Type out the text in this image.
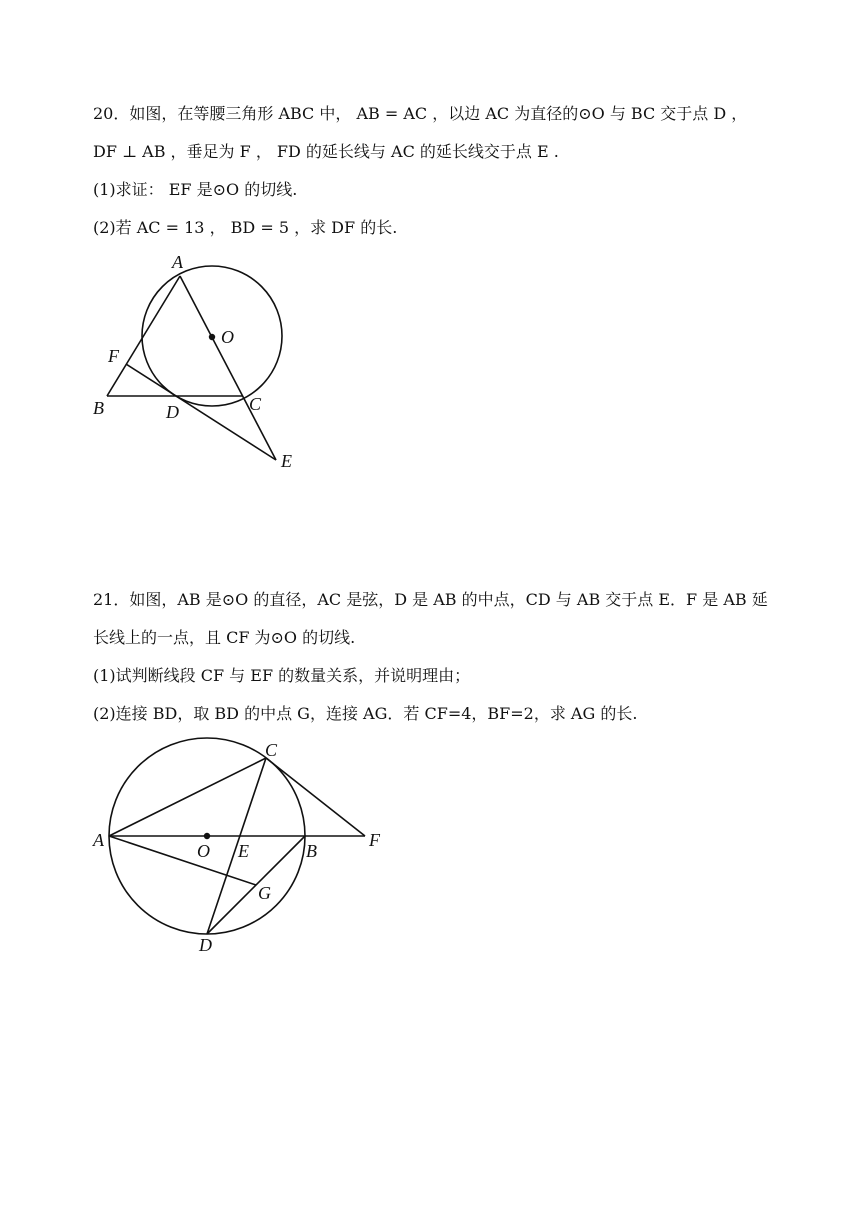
20．如图，在等腰三角形 ABC 中， AB = AC ，以边 AC 为直径的⊙O 与 BC 交于点 D ，
DF ⊥ AB ，垂足为 F ， FD 的延长线与 AC 的延长线交于点 E .
(1)求证： EF 是⊙O 的切线.
(2)若 AC = 13 ， BD = 5 ，求 DF 的长.
A
O
F
B	D	C
E
21．如图，AB 是⊙O 的直径，AC 是弦，D 是 AB 的中点，CD 与 AB 交于点 E．F 是 AB 延
长线上的一点，且 CF 为⊙O 的切线.
(1)试判断线段 CF 与 EF 的数量关系，并说明理由；
(2)连接 BD，取 BD 的中点 G，连接 AG．若 CF=4，BF=2，求 AG 的长.
C
A
O E	B
F
G
D
